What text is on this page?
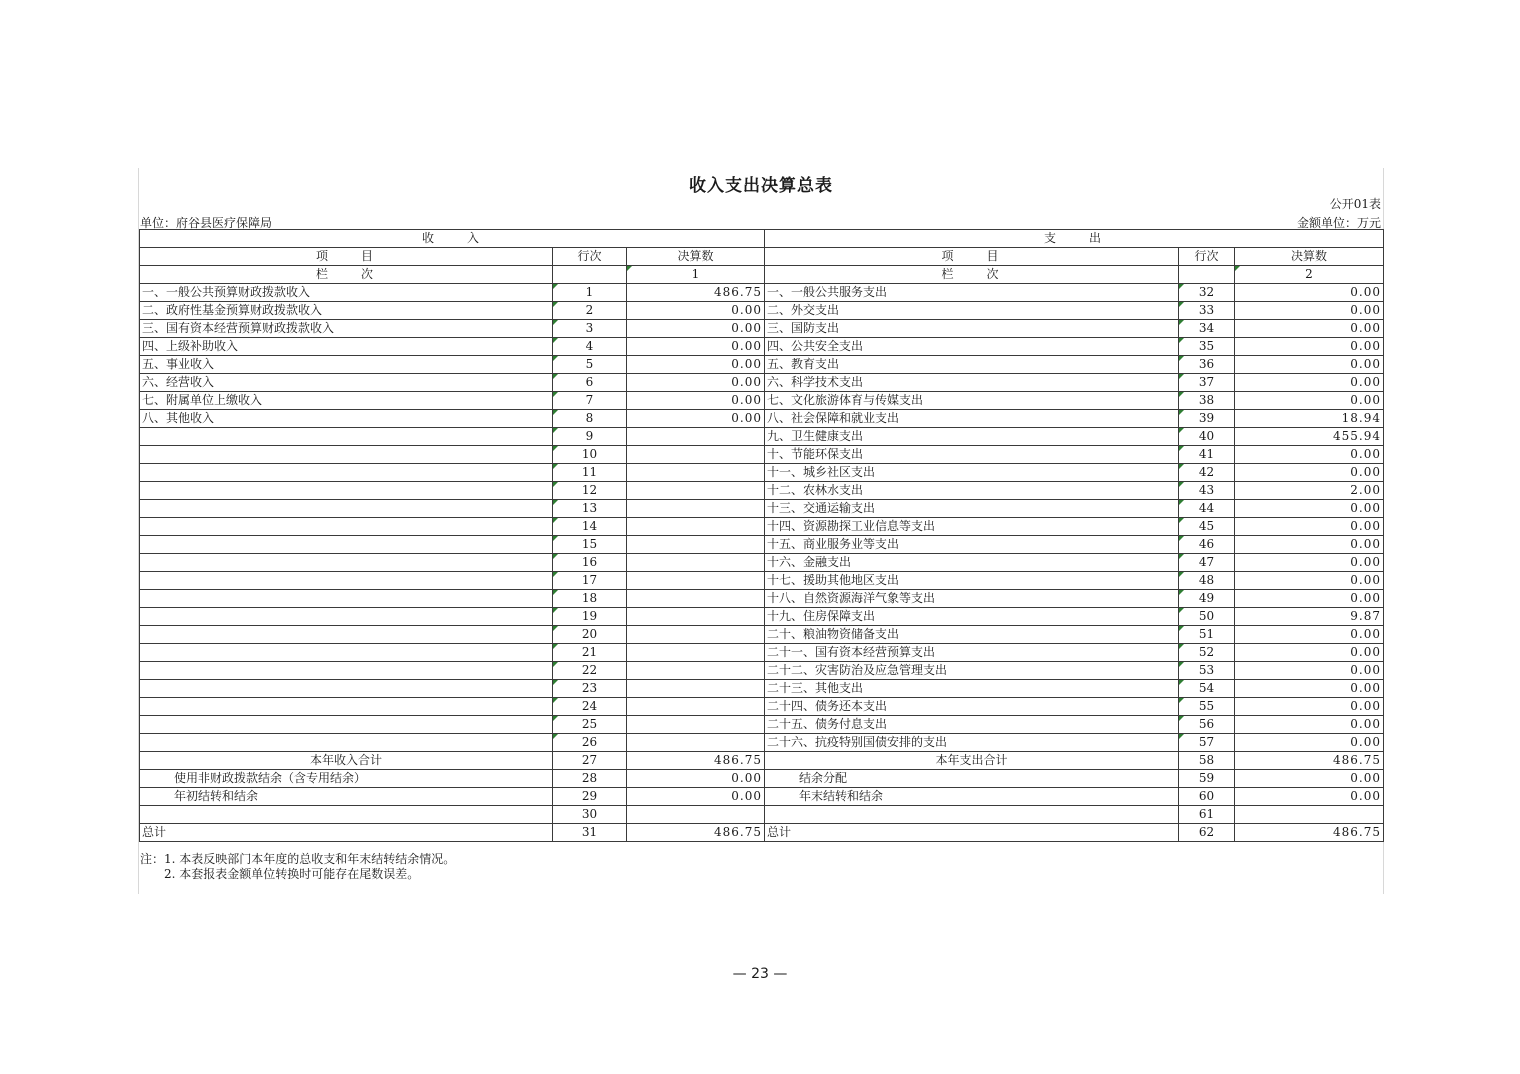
收入支出决算总表
公开01表
单位：府谷县医疗保障局	金额单位：万元
收　　入			支　　出		
项　　目	行次	决算数	项　　目	行次	决算数
栏　　次		1	栏　　次		2
一、一般公共预算财政拨款收入	1	486.75	一、一般公共服务支出	32	0.00
二、政府性基金预算财政拨款收入	2	0.00	二、外交支出	33	0.00
三、国有资本经营预算财政拨款收入	3	0.00	三、国防支出	34	0.00
四、上级补助收入	4	0.00	四、公共安全支出	35	0.00
五、事业收入	5	0.00	五、教育支出	36	0.00
六、经营收入	6	0.00	六、科学技术支出	37	0.00
七、附属单位上缴收入	7	0.00	七、文化旅游体育与传媒支出	38	0.00
八、其他收入	8	0.00	八、社会保障和就业支出	39	18.94
	9		九、卫生健康支出	40	455.94
	10		十、节能环保支出	41	0.00
	11		十一、城乡社区支出	42	0.00
	12		十二、农林水支出	43	2.00
	13		十三、交通运输支出	44	0.00
	14		十四、资源勘探工业信息等支出	45	0.00
	15		十五、商业服务业等支出	46	0.00
	16		十六、金融支出	47	0.00
	17		十七、援助其他地区支出	48	0.00
	18		十八、自然资源海洋气象等支出	49	0.00
	19		十九、住房保障支出	50	9.87
	20		二十、粮油物资储备支出	51	0.00
	21		二十一、国有资本经营预算支出	52	0.00
	22		二十二、灾害防治及应急管理支出	53	0.00
	23		二十三、其他支出	54	0.00
	24		二十四、债务还本支出	55	0.00
	25		二十五、债务付息支出	56	0.00
	26		二十六、抗疫特别国债安排的支出	57	0.00
本年收入合计	27	486.75	本年支出合计	58	486.75
使用非财政拨款结余（含专用结余）	28	0.00	结余分配	59	0.00
年初结转和结余	29	0.00	年末结转和结余	60	0.00
	30			61	
总计	31	486.75	总计	62	486.75
注：1. 本表反映部门本年度的总收支和年末结转结余情况。
　　2. 本套报表金额单位转换时可能存在尾数误差。
— 23 —
